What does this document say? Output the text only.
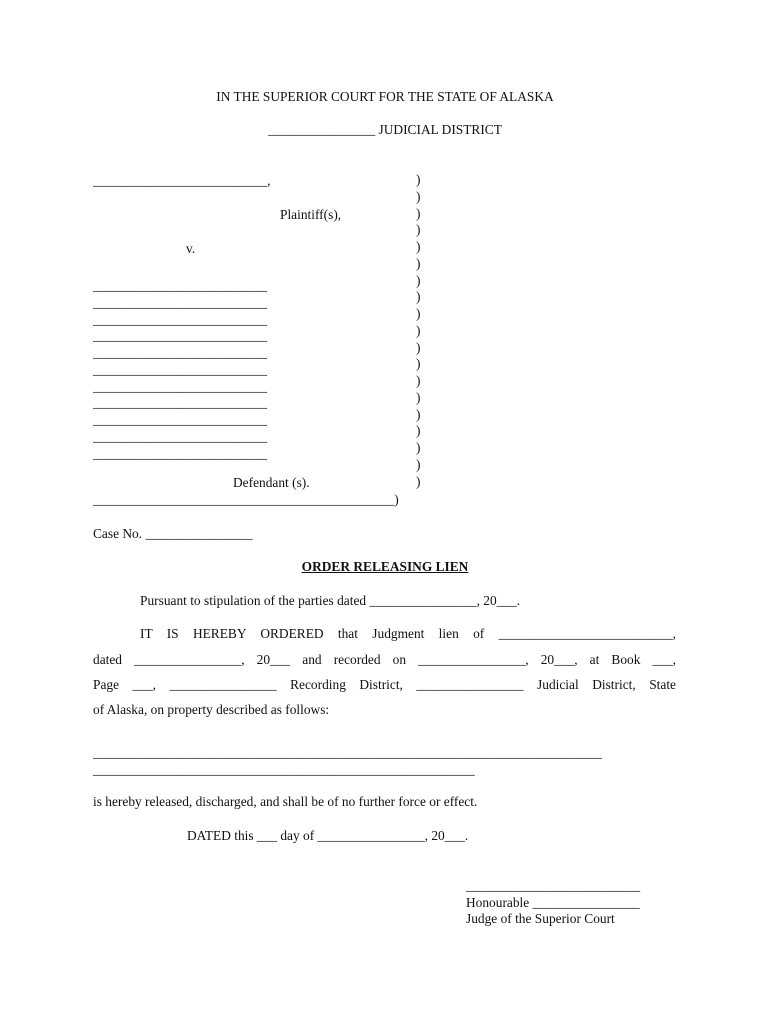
IN THE SUPERIOR COURT FOR THE STATE OF ALASKA
________________ JUDICIAL DISTRICT
__________________________,
Plaintiff(s),
v.
__________________________
__________________________
__________________________
__________________________
__________________________
__________________________
__________________________
__________________________
__________________________
__________________________
__________________________
Defendant (s).
_____________________________________________)
)
)
)
)
)
)
)
)
)
)
)
)
)
)
)
)
)
)
)
Case No. ________________
ORDER RELEASING LIEN
Pursuant to stipulation of the parties dated ________________, 20___.
IT IS HEREBY ORDERED that Judgment lien of __________________________,
dated ________________, 20___ and recorded on ________________, 20___, at Book ___,
Page ___, ________________ Recording District, ________________ Judicial District, State
of Alaska, on property described as follows:
____________________________________________________________________________
_________________________________________________________
is hereby released, discharged, and shall be of no further force or effect.
DATED this ___ day of ________________, 20___.
__________________________
Honourable ________________
Judge of the Superior Court
